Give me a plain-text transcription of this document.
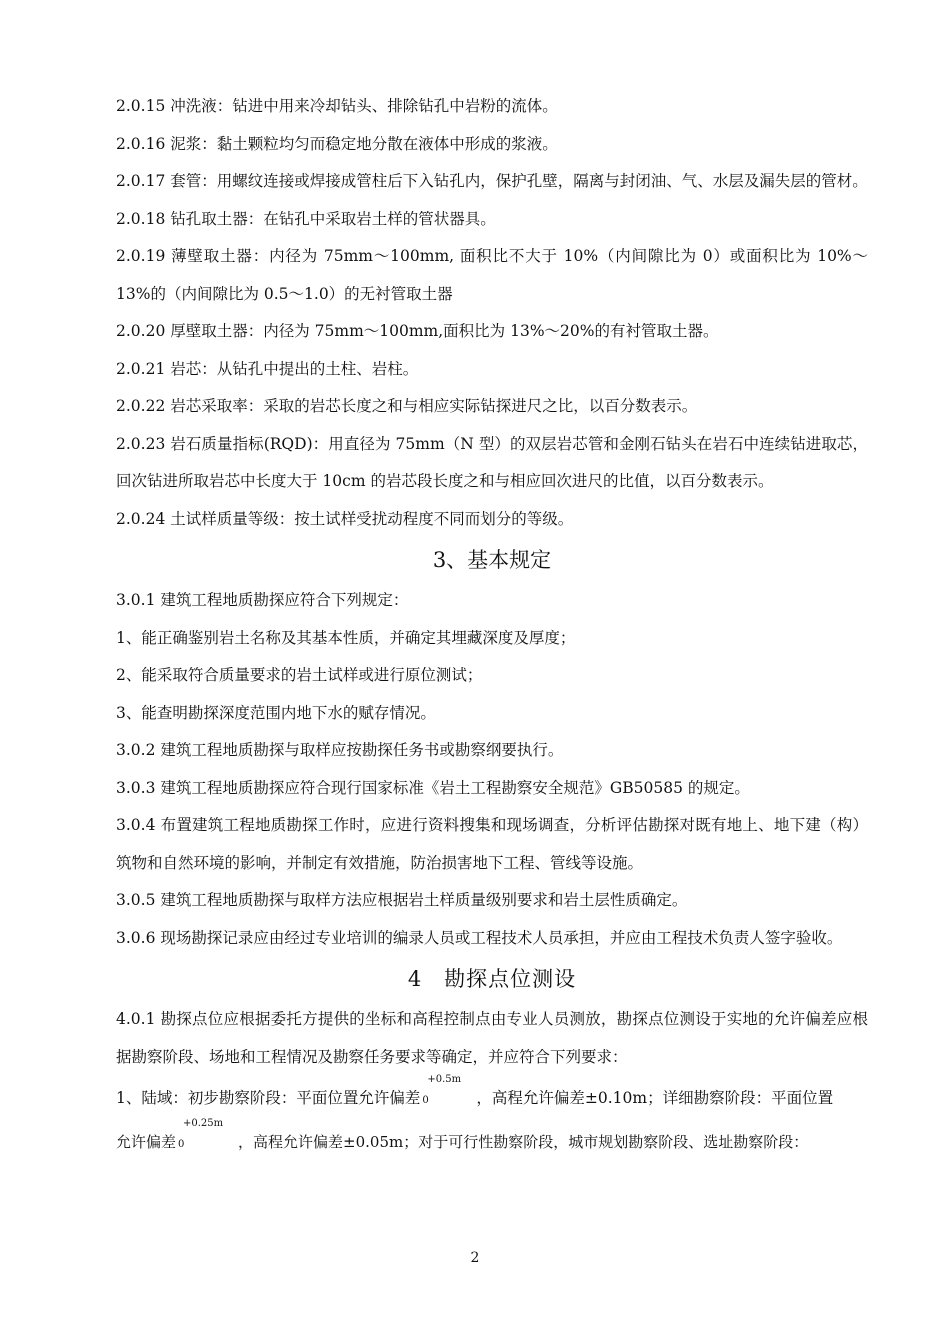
2.0.15 冲洗液：钻进中用来冷却钻头、排除钻孔中岩粉的流体。

2.0.16 泥浆：黏土颗粒均匀而稳定地分散在液体中形成的浆液。

2.0.17 套管：用螺纹连接或焊接成管柱后下入钻孔内，保护孔壁，隔离与封闭油、气、水层及漏失层的管材。

2.0.18 钻孔取土器：在钻孔中采取岩土样的管状器具。

2.0.19 薄壁取土器：内径为 75mm～100mm, 面积比不大于 10%（内间隙比为 0）或面积比为 10%～13%的（内间隙比为 0.5～1.0）的无衬管取土器

2.0.20 厚壁取土器：内径为 75mm～100mm,面积比为 13%～20%的有衬管取土器。

2.0.21 岩芯：从钻孔中提出的土柱、岩柱。

2.0.22 岩芯采取率：采取的岩芯长度之和与相应实际钻探进尺之比，以百分数表示。

2.0.23 岩石质量指标(RQD)：用直径为 75mm（N 型）的双层岩芯管和金刚石钻头在岩石中连续钻进取芯，回次钻进所取岩芯中长度大于 10cm 的岩芯段长度之和与相应回次进尺的比值，以百分数表示。

2.0.24 土试样质量等级：按土试样受扰动程度不同而划分的等级。

3、基本规定

3.0.1 建筑工程地质勘探应符合下列规定：

1、能正确鉴别岩土名称及其基本性质，并确定其埋藏深度及厚度；

2、能采取符合质量要求的岩土试样或进行原位测试；

3、能查明勘探深度范围内地下水的赋存情况。

3.0.2 建筑工程地质勘探与取样应按勘探任务书或勘察纲要执行。

3.0.3 建筑工程地质勘探应符合现行国家标准《岩土工程勘察安全规范》GB50585 的规定。

3.0.4 布置建筑工程地质勘探工作时，应进行资料搜集和现场调查，分析评估勘探对既有地上、地下建（构）筑物和自然环境的影响，并制定有效措施，防治损害地下工程、管线等设施。

3.0.5 建筑工程地质勘探与取样方法应根据岩土样质量级别要求和岩土层性质确定。

3.0.6 现场勘探记录应由经过专业培训的编录人员或工程技术人员承担，并应由工程技术负责人签字验收。

4　勘探点位测设

4.0.1 勘探点位应根据委托方提供的坐标和高程控制点由专业人员测放，勘探点位测设于实地的允许偏差应根据勘察阶段、场地和工程情况及勘察任务要求等确定，并应符合下列要求：

1、陆域：初步勘察阶段：平面位置允许偏差
+0.5m
0	，高程允许偏差±0.10m；详细勘察阶段：平面位置

允许偏差
+0.25m
0	，高程允许偏差±0.05m；对于可行性勘察阶段，城市规划勘察阶段、选址勘察阶段：

2
